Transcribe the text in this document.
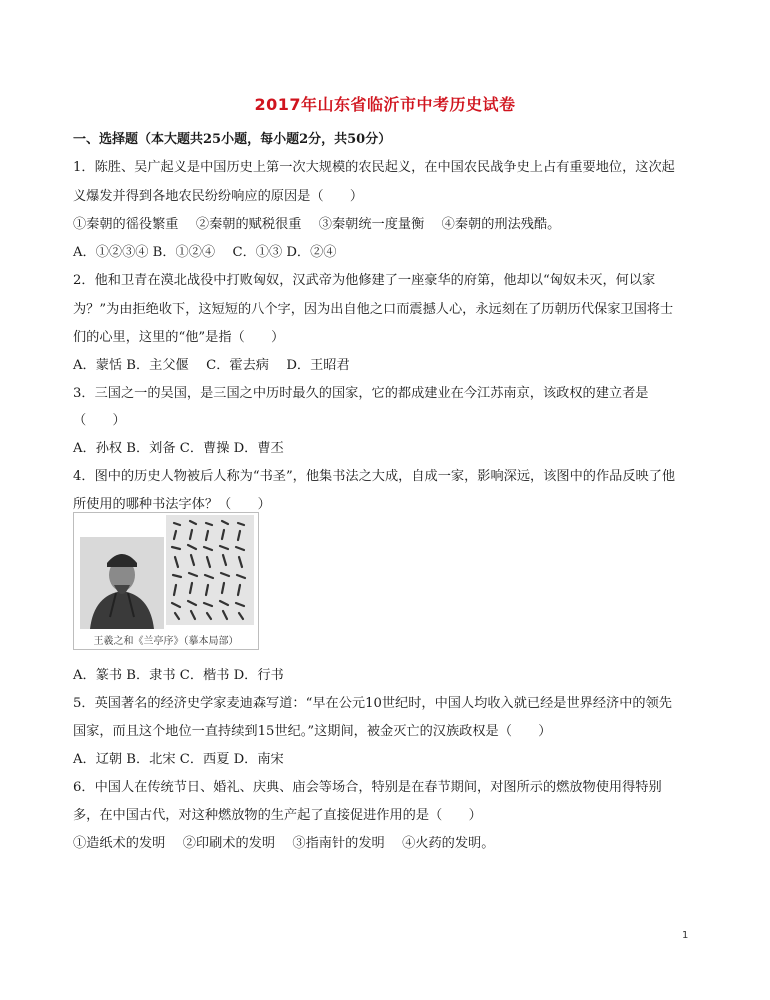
2017年山东省临沂市中考历史试卷
一、选择题（本大题共25小题，每小题2分，共50分）
1．陈胜、吴广起义是中国历史上第一次大规模的农民起义，在中国农民战争史上占有重要地位，这次起
义爆发并得到各地农民纷纷响应的原因是（　　）
①秦朝的徭役繁重　 ②秦朝的赋税很重　 ③秦朝统一度量衡　 ④秦朝的刑法残酷。
A．①②③④ B．①②④ 　C．①③ D．②④
2．他和卫青在漠北战役中打败匈奴，汉武帝为他修建了一座豪华的府第，他却以“匈奴未灭，何以家
为？”为由拒绝收下，这短短的八个字，因为出自他之口而震撼人心，永远刻在了历朝历代保家卫国将士
们的心里，这里的“他”是指（　　）
A．蒙恬 B．主父偃 　C．霍去病 　D．王昭君
3．三国之一的吴国，是三国之中历时最久的国家，它的都成建业在今江苏南京，该政权的建立者是
（　　）
A．孙权 B．刘备 C．曹操 D．曹丕
4．图中的历史人物被后人称为“书圣”，他集书法之大成，自成一家，影响深远，该图中的作品反映了他
所使用的哪种书法字体？（　　）
王羲之和《兰亭序》（摹本局部）
A．篆书 B．隶书 C．楷书 D．行书
5．英国著名的经济史学家麦迪森写道：“早在公元10世纪时，中国人均收入就已经是世界经济中的领先
国家，而且这个地位一直持续到15世纪。”这期间，被金灭亡的汉族政权是（　　）
A．辽朝 B．北宋 C．西夏 D．南宋
6．中国人在传统节日、婚礼、庆典、庙会等场合，特别是在春节期间，对图所示的燃放物使用得特别
多，在中国古代，对这种燃放物的生产起了直接促进作用的是（　　）
①造纸术的发明　 ②印刷术的发明　 ③指南针的发明　 ④火药的发明。
1
